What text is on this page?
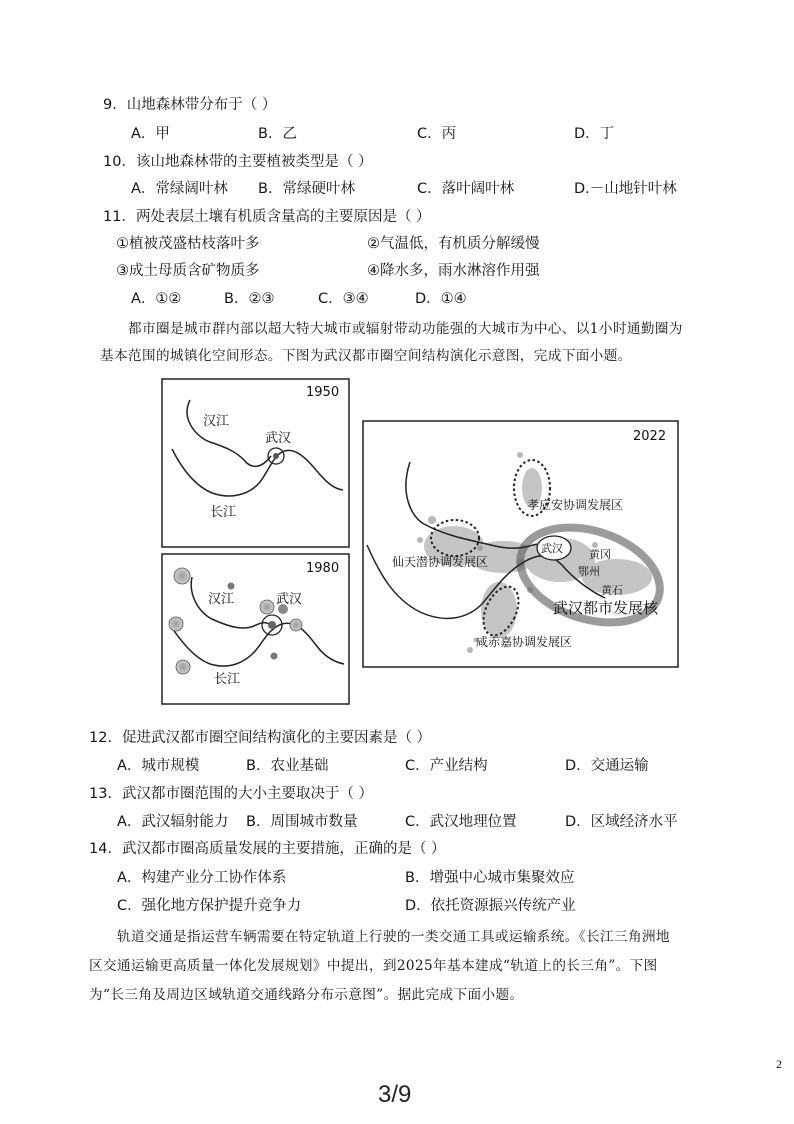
9．山地森林带分布于（ ）
A．甲	B．乙	C．丙	D．丁
10．该山地森林带的主要植被类型是（ ）
A．常绿阔叶林 B．常绿硬叶林	C．落叶阔叶林	D.－山地针叶林
11．两处表层土壤有机质含量高的主要原因是（ ）
①植被茂盛枯枝落叶多	②气温低，有机质分解缓慢
③成土母质含矿物质多	④降水多，雨水淋溶作用强
A．①②	B．②③	C．③④	D．①④
都市圈是城市群内部以超大特大城市或辐射带动功能强的大城市为中心、以1小时通勤圈为
基本范围的城镇化空间形态。下图为武汉都市圈空间结构演化示意图，完成下面小题。
1950
汉江
武汉
长江
1980
汉江	武汉
长江
2022
孝应安协调发展区
仙天潜协调发展区
武汉 黄冈
鄂州
黄石
武汉都市发展核
咸赤嘉协调发展区
12．促进武汉都市圈空间结构演化的主要因素是（ ）
A．城市规模	B．农业基础	C．产业结构	D．交通运输
13．武汉都市圈范围的大小主要取决于（ ）
A．武汉辐射能力 B．周围城市数量	C．武汉地理位置	D．区域经济水平
14．武汉都市圈高质量发展的主要措施，正确的是（ ）
A．构建产业分工协作体系	B．增强中心城市集聚效应
C．强化地方保护提升竞争力	D．依托资源振兴传统产业
轨道交通是指运营车辆需要在特定轨道上行驶的一类交通工具或运输系统。《长江三角洲地
区交通运输更高质量一体化发展规划》中提出，到2025年基本建成“轨道上的长三角”。下图
为“长三角及周边区域轨道交通线路分布示意图”。据此完成下面小题。
2
3/9
